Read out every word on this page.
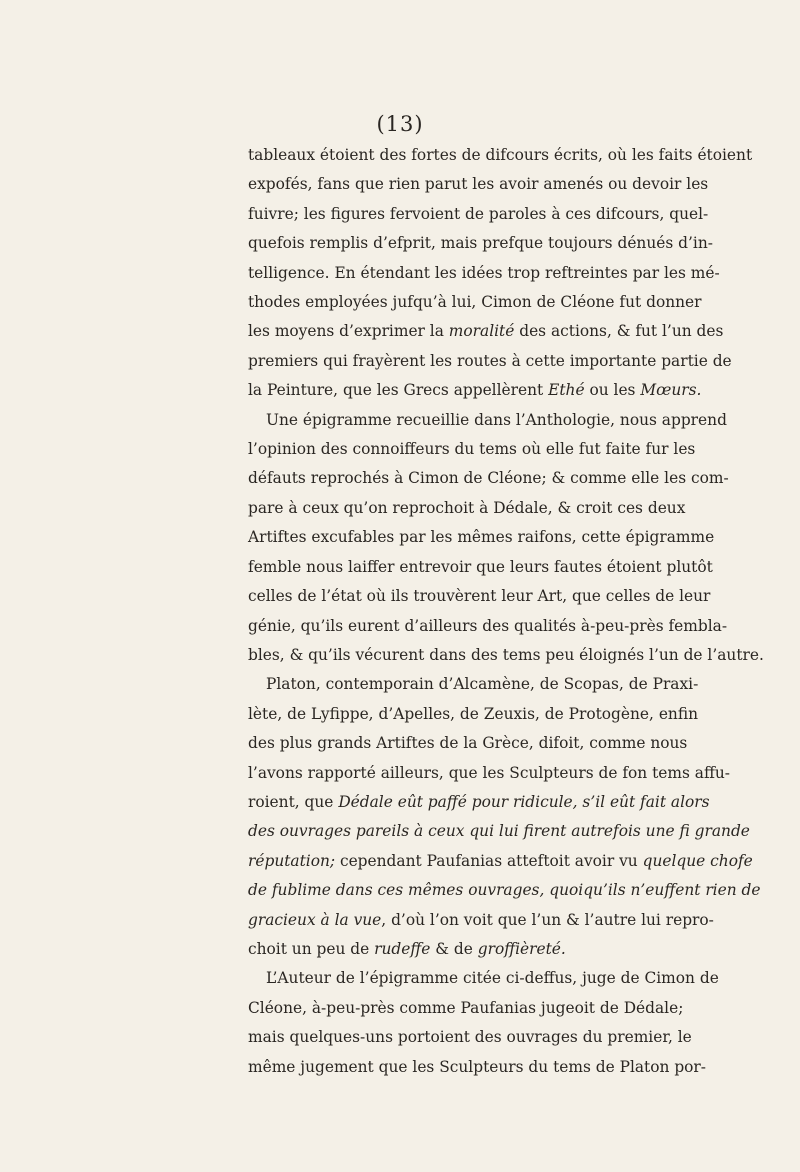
(13)
tableaux étoient des fortes de difcours écrits, où les faits étoient
expofés, fans que rien parut les avoir amenés ou devoir les
fuivre; les figures fervoient de paroles à ces difcours, quel-
quefois remplis d’efprit, mais prefque toujours dénués d’in-
telligence. En étendant les idées trop reftreintes par les mé-
thodes employées jufqu’à lui, Cimon de Cléone fut donner
les moyens d’exprimer la moralité des actions, & fut l’un des
premiers qui frayèrent les routes à cette importante partie de
la Peinture, que les Grecs appellèrent Ethé ou les Mœurs.
Une épigramme recueillie dans l’Anthologie, nous apprend
l’opinion des connoiffeurs du tems où elle fut faite fur les
défauts reprochés à Cimon de Cléone; & comme elle les com-
pare à ceux qu’on reprochoit à Dédale, & croit ces deux
Artiftes excufables par les mêmes raifons, cette épigramme
femble nous laiffer entrevoir que leurs fautes étoient plutôt
celles de l’état où ils trouvèrent leur Art, que celles de leur
génie, qu’ils eurent d’ailleurs des qualités à-peu-près fembla-
bles, & qu’ils vécurent dans des tems peu éloignés l’un de l’autre.
Platon, contemporain d’Alcamène, de Scopas, de Praxi-
lète, de Lyfippe, d’Apelles, de Zeuxis, de Protogène, enfin
des plus grands Artiftes de la Grèce, difoit, comme nous
l’avons rapporté ailleurs, que les Sculpteurs de fon tems affu-
roient, que Dédale eût paffé pour ridicule, s’il eût fait alors
des ouvrages pareils à ceux qui lui firent autrefois une fi grande
réputation; cependant Paufanias atteftoit avoir vu quelque chofe
de fublime dans ces mêmes ouvrages, quoiqu’ils n’euffent rien de
gracieux à la vue, d’où l’on voit que l’un & l’autre lui repro-
choit un peu de rudeffe & de groffièreté.
L’Auteur de l’épigramme citée ci-deffus, juge de Cimon de
Cléone, à-peu-près comme Paufanias jugeoit de Dédale;
mais quelques-uns portoient des ouvrages du premier, le
même jugement que les Sculpteurs du tems de Platon por-
